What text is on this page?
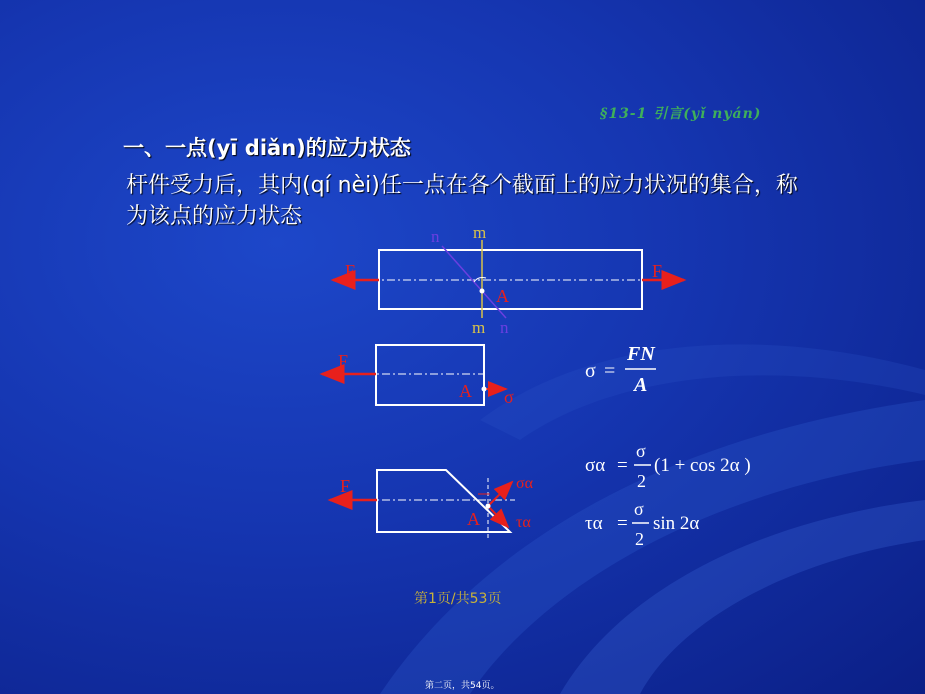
§13-1 引言(yǐ nyán)
一、一点(yī diǎn)的应力状态
杆件受力后，其内(qí nèi)任一点在各个截面上的应力状况的集合，称为该点的应力状态
F	F
m
m
n
n
A
F
A σ
F
A
σα
τα
σ =
FN
A
σα =
σ
2
(1 + cos 2α )
τα =
σ
2
sin 2α
第1页/共53页
第二页，共54页。
